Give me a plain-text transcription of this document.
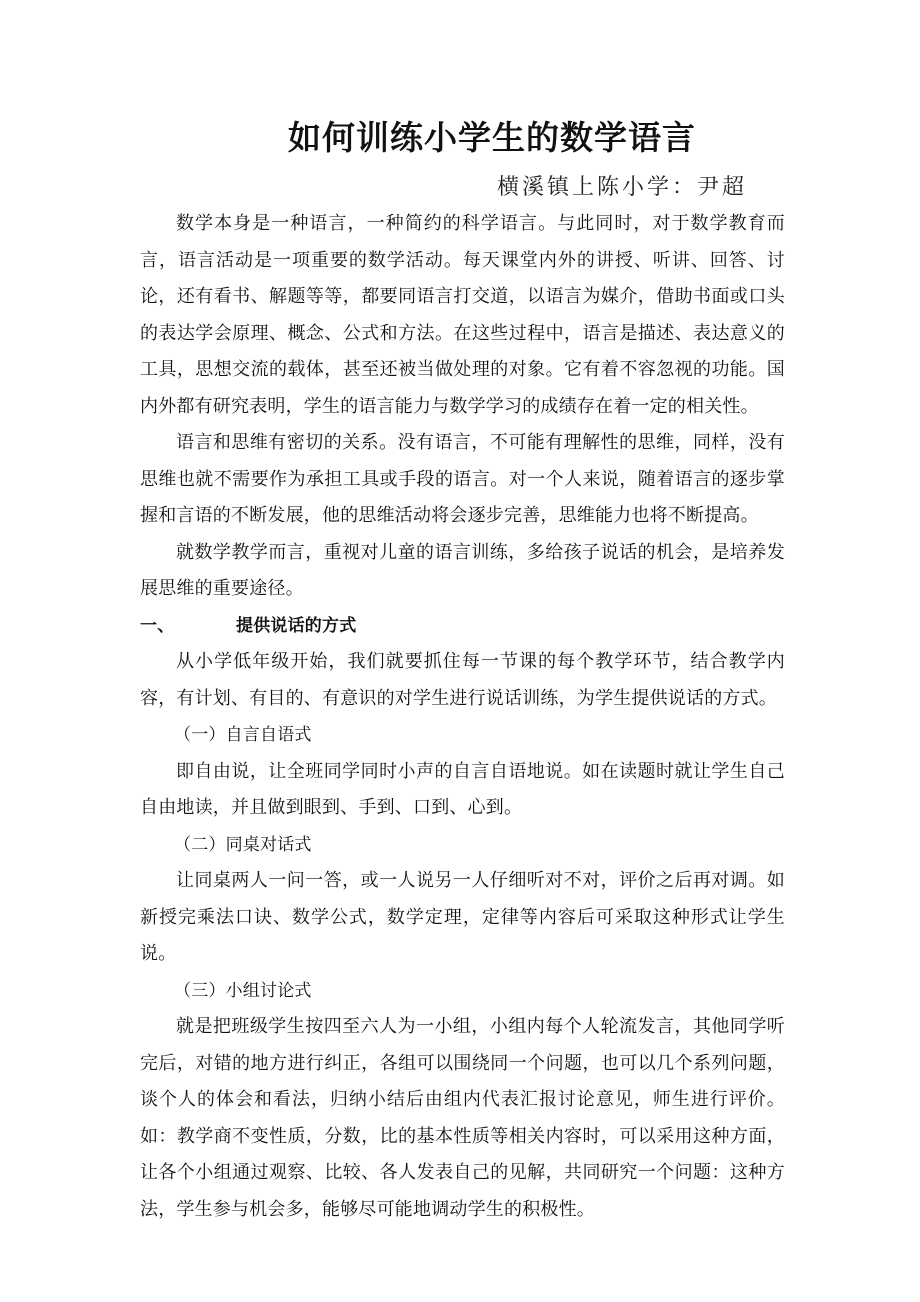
如何训练小学生的数学语言
横溪镇上陈小学：尹超

数学本身是一种语言，一种简约的科学语言。与此同时，对于数学教育而言，语言活动是一项重要的数学活动。每天课堂内外的讲授、听讲、回答、讨论，还有看书、解题等等，都要同语言打交道，以语言为媒介，借助书面或口头的表达学会原理、概念、公式和方法。在这些过程中，语言是描述、表达意义的工具，思想交流的载体，甚至还被当做处理的对象。它有着不容忽视的功能。国内外都有研究表明，学生的语言能力与数学学习的成绩存在着一定的相关性。

语言和思维有密切的关系。没有语言，不可能有理解性的思维，同样，没有思维也就不需要作为承担工具或手段的语言。对一个人来说，随着语言的逐步掌握和言语的不断发展，他的思维活动将会逐步完善，思维能力也将不断提高。

就数学教学而言，重视对儿童的语言训练，多给孩子说话的机会，是培养发展思维的重要途径。

一、	提供说话的方式

从小学低年级开始，我们就要抓住每一节课的每个教学环节，结合教学内容，有计划、有目的、有意识的对学生进行说话训练，为学生提供说话的方式。

（一）自言自语式

即自由说，让全班同学同时小声的自言自语地说。如在读题时就让学生自己自由地读，并且做到眼到、手到、口到、心到。

（二）同桌对话式

让同桌两人一问一答，或一人说另一人仔细听对不对，评价之后再对调。如新授完乘法口诀、数学公式，数学定理，定律等内容后可采取这种形式让学生说。

（三）小组讨论式

就是把班级学生按四至六人为一小组，小组内每个人轮流发言，其他同学听完后，对错的地方进行纠正，各组可以围绕同一个问题，也可以几个系列问题，谈个人的体会和看法，归纳小结后由组内代表汇报讨论意见，师生进行评价。如：教学商不变性质，分数，比的基本性质等相关内容时，可以采用这种方面，让各个小组通过观察、比较、各人发表自己的见解，共同研究一个问题：这种方法，学生参与机会多，能够尽可能地调动学生的积极性。
